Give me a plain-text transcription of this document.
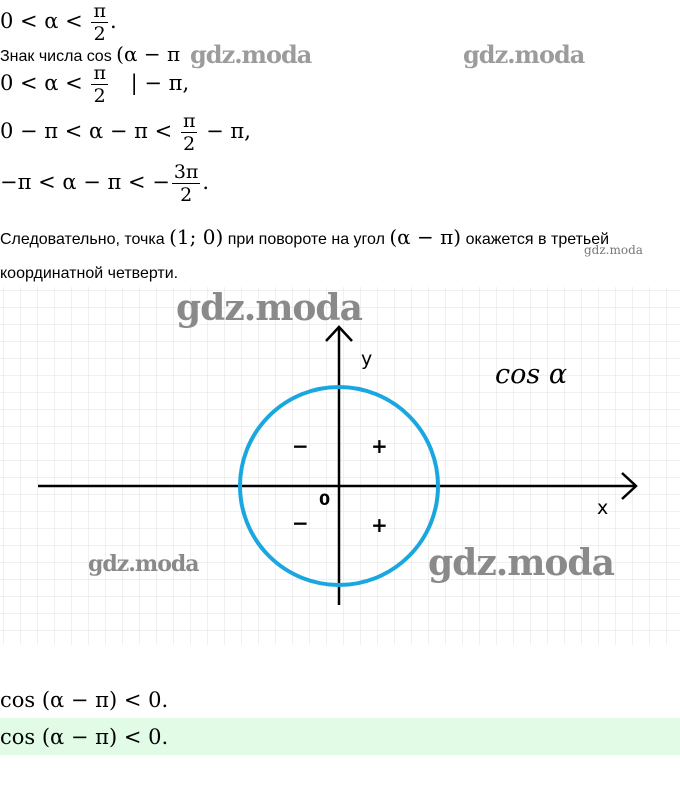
$0 < \alpha < \frac{\pi}{2}$ .
Знак числа cos (α − π
$0 < \alpha < \frac{\pi}{2}$ | − π,
$0 - \pi < \alpha - \pi < \frac{\pi}{2} - \pi$,
−π < α − π < − $\frac{3\pi}{2}$ .
Следовательно, точка (1; 0) при повороте на угол (α − π) окажется в третьей
координатной четверти.
gdz.moda	gdz.moda
gdz.moda
y
x
0
cos α
−	+
−	+
gdz.moda
gdz.moda	gdz.moda
cos (α − π) < 0.
cos (α − π) < 0.
